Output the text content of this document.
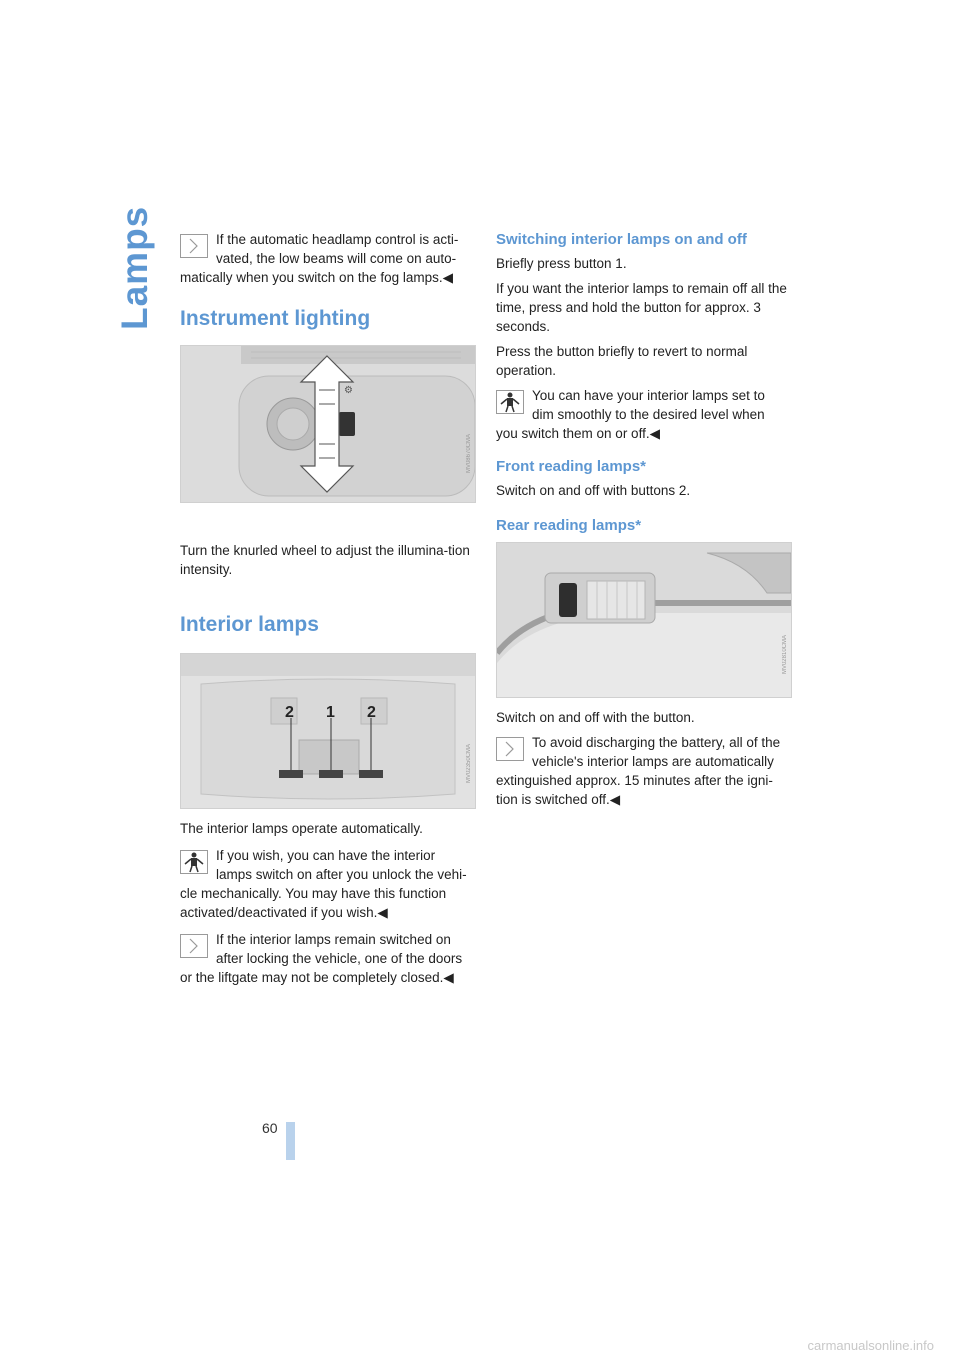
Lamps	If the automatic headlamp control is acti-

vated, the low beams will come on auto-

matically when you switch on the fog lamps.◀

Instrument lighting
⚙
MV08670CMA

Turn the knurled wheel to adjust the illumina-tion intensity.

Interior lamps
2 1 2
MV02350CMA

The interior lamps operate automatically.

If you wish, you can have the interior

lamps switch on after you unlock the vehi-

cle mechanically. You may have this function activated/deactivated if you wish.◀

If the interior lamps remain switched on

after locking the vehicle, one of the doors

or the liftgate may not be completely closed.◀

Switching interior lamps on and off

Briefly press button 1.

If you want the interior lamps to remain off all the time, press and hold the button for approx. 3 seconds.

Press the button briefly to revert to normal operation.

You can have your interior lamps set to

dim smoothly to the desired level when

you switch them on or off.◀

Front reading lamps*

Switch on and off with buttons 2.

Rear reading lamps*
MV02810CMA

Switch on and off with the button.

To avoid discharging the battery, all of the

vehicle's interior lamps are automatically

extinguished approx. 15 minutes after the igni-tion is switched off.◀

60
carmanualsonline.info
